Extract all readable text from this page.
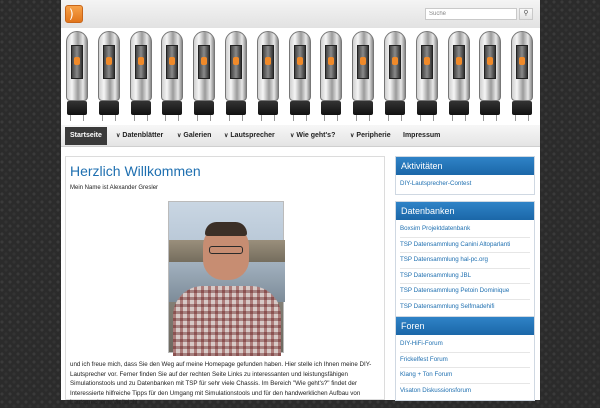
)
Suche	⚲
Startseite	∨ Datenblätter	∨ Galerien	∨ Lautsprecher	∨ Wie geht's?	∨ Peripherie	Impressum
Herzlich Willkommen
Mein Name ist Alexander Gresler
und ich freue mich, dass Sie den Weg auf meine Homepage gefunden haben. Hier stelle ich Ihnen meine DIY-Lautsprecher vor. Ferner finden Sie auf der rechten Seite Links zu interessanten und leistungsfähigen Simulationstools und zu Datenbanken mit TSP für sehr viele Chassis. Im Bereich "Wie geht's?" findet der Interessierte hilfreiche Tipps für den Umgang mit Simulationstools und für den handwerklichen Aufbau von Lautsprechern. Vielleicht
Aktivitäten
DIY-Lautsprecher-Contest
Datenbanken
Boxsim Projektdatenbank
TSP Datensammlung Canini Altoparlanti
TSP Datensammlung hal-pc.org
TSP Datensammlung JBL
TSP Datensammlung Petoin Dominique
TSP Datensammlung Selfmadehifi
Foren
DIY-HiFi-Forum
Frickelfest Forum
Klang + Ton Forum
Visaton Diskussionsforum
